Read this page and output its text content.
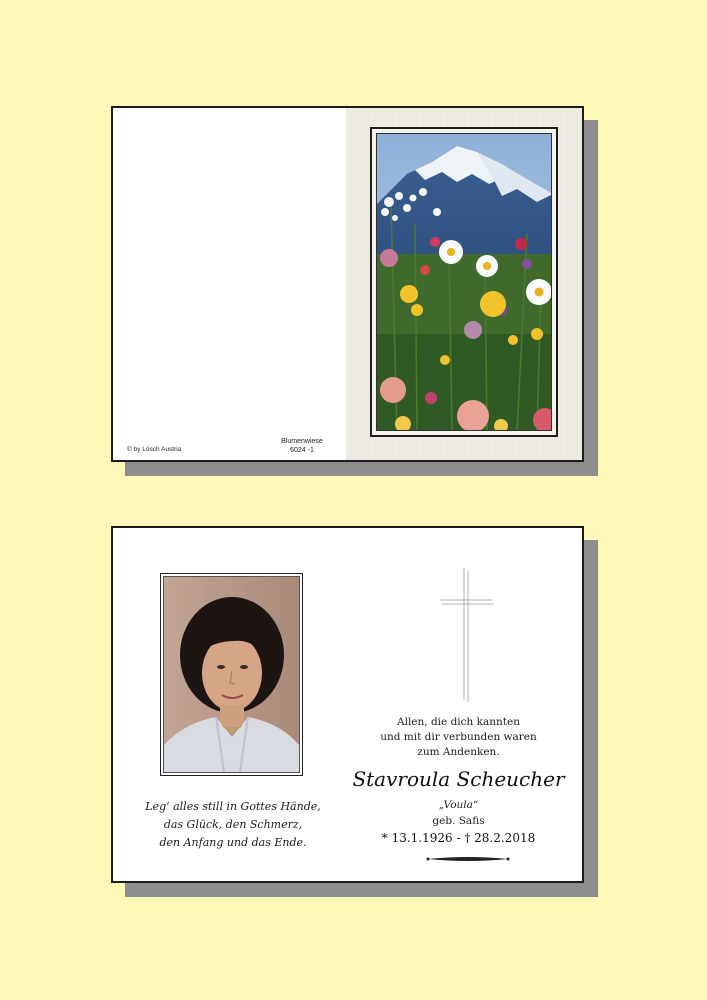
© by Lösch Austria
Blumenwiese
6024 -1
Leg‘ alles still in Gottes Hände,
das Glück, den Schmerz,
den Anfang und das Ende.
Allen, die dich kannten
und mit dir verbunden waren
zum Andenken.
Stavroula Scheucher
„Voula“
geb. Safis
* 13.1.1926 - † 28.2.2018
